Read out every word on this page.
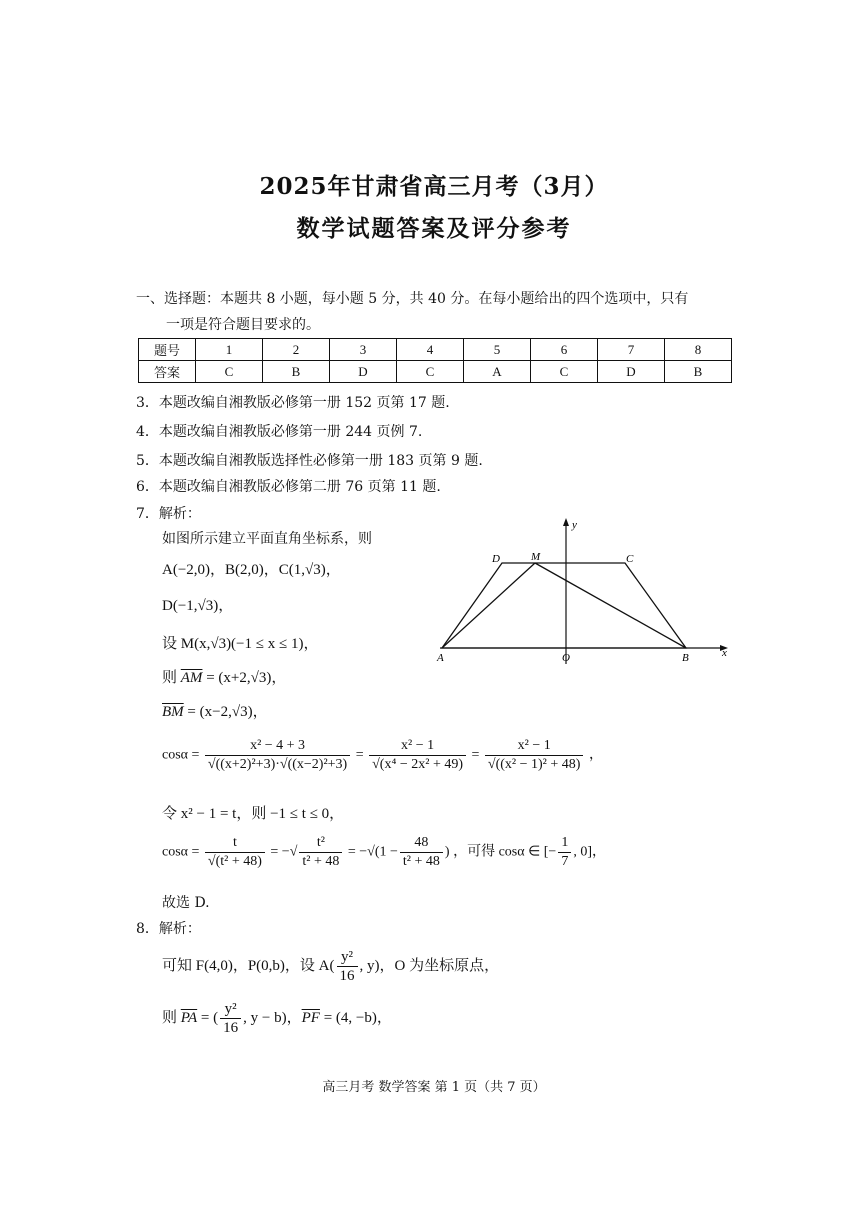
2025年甘肃省高三月考（3月）
数学试题答案及评分参考
一、选择题：本题共 8 小题，每小题 5 分，共 40 分。在每小题给出的四个选项中，只有
一项是符合题目要求的。
题号	1	2	3	4	5	6	7	8
答案	C	B	D	C	A	C	D	B
3．本题改编自湘教版必修第一册 152 页第 17 题.
4．本题改编自湘教版必修第一册 244 页例 7.
5．本题改编自湘教版选择性必修第一册 183 页第 9 题.
6．本题改编自湘教版必修第二册 76 页第 11 题.
7．解析：
如图所示建立平面直角坐标系，则
A(−2,0)，B(2,0)，C(1,√3)，
D(−1,√3)，
设 M(x,√3)(−1 ≤ x ≤ 1)，
则 $\overline{AM} = (x+2,√3)$，
$\overline{BM} = (x-2,√3)$，
y
x
D	M	C
A	O	B
$\cos\alpha = \frac{\text{x² − 4 + 3}}{\text{√((x+2)²+3)·√((x−2)²+3)}} = \frac{\text{x² − 1}}{\text{√(x⁴ − 2x² + 49)}} = \frac{\text{x² − 1}}{\text{√((x² − 1)² + 48)}}$ ，
令 x² − 1 = t，则 −1 ≤ t ≤ 0，
$\cos\alpha = \frac{t}{\text{√(t² + 48)}}$ = −√ $\frac{\text{t²}}{\text{t² + 48}} = -√(1 - \frac{48}{\text{t² + 48}}$ ) ，可得 cosα ∈ [− $\frac{1}{7}$ , 0]，
故选 D.
8．解析：
可知 F(4,0)，P(0,b)，设 $A( \frac{\text{y²}}{16}$ , y)，O 为坐标原点，
则 $\overline{PA}$ = ( $\frac{\text{y²}}{16}$ , y − b)，$\overline{PF} = (4$, −b)，
高三月考 数学答案 第 1 页（共 7 页）
